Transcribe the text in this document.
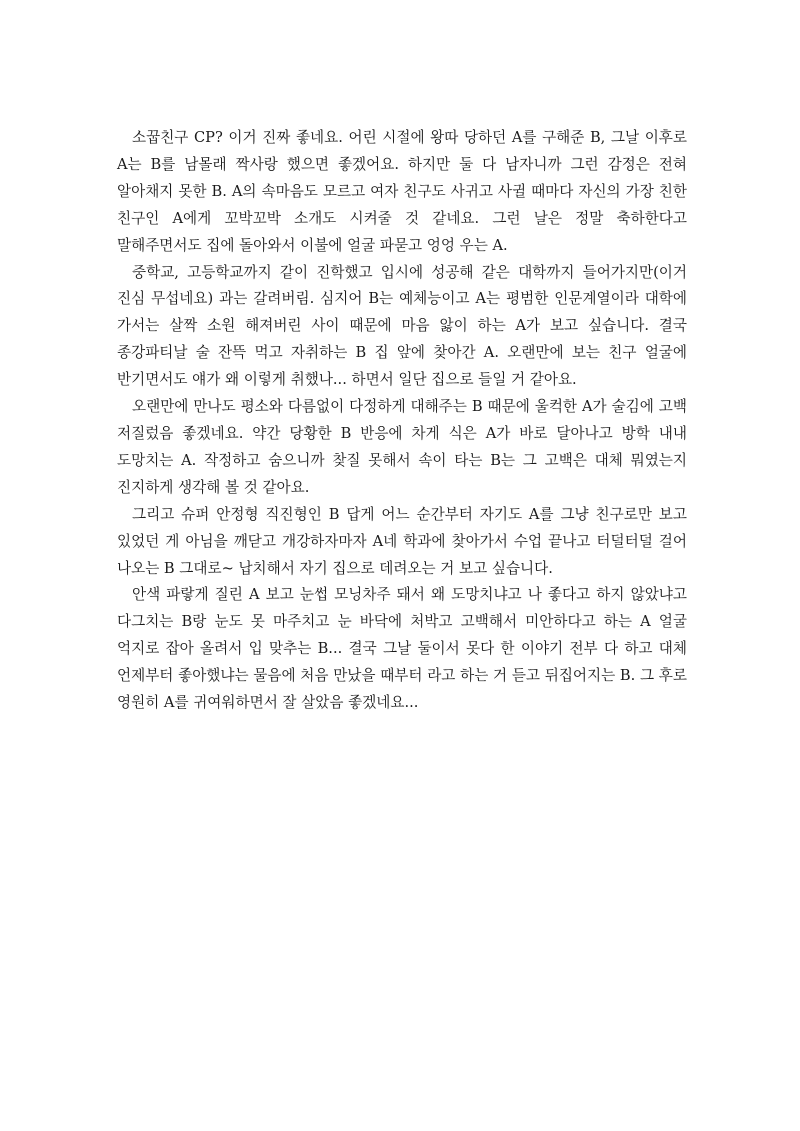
소꿉친구 CP? 이거 진짜 좋네요. 어린 시절에 왕따 당하던 A를 구해준 B, 그날 이후로 A는 B를 남몰래 짝사랑 했으면 좋겠어요. 하지만 둘 다 남자니까 그런 감정은 전혀 알아채지 못한 B. A의 속마음도 모르고 여자 친구도 사귀고 사귈 때마다 자신의 가장 친한 친구인 A에게 꼬박꼬박 소개도 시켜줄 것 같네요. 그런 날은 정말 축하한다고 말해주면서도 집에 돌아와서 이불에 얼굴 파묻고 엉엉 우는 A.

중학교, 고등학교까지 같이 진학했고 입시에 성공해 같은 대학까지 들어가지만(이거 진심 무섭네요) 과는 갈려버림. 심지어 B는 예체능이고 A는 평범한 인문계열이라 대학에 가서는 살짝 소원 해져버린 사이 때문에 마음 앓이 하는 A가 보고 싶습니다. 결국 종강파티날 술 잔뜩 먹고 자취하는 B 집 앞에 찾아간 A. 오랜만에 보는 친구 얼굴에 반기면서도 얘가 왜 이렇게 취했나... 하면서 일단 집으로 들일 거 같아요.

오랜만에 만나도 평소와 다름없이 다정하게 대해주는 B 때문에 울컥한 A가 술김에 고백 저질렀음 좋겠네요. 약간 당황한 B 반응에 차게 식은 A가 바로 달아나고 방학 내내 도망치는 A. 작정하고 숨으니까 찾질 못해서 속이 타는 B는 그 고백은 대체 뭐였는지 진지하게 생각해 볼 것 같아요.

그리고 슈퍼 안정형 직진형인 B 답게 어느 순간부터 자기도 A를 그냥 친구로만 보고 있었던 게 아님을 깨닫고 개강하자마자 A네 학과에 찾아가서 수업 끝나고 터덜터덜 걸어 나오는 B 그대로~ 납치해서 자기 집으로 데려오는 거 보고 싶습니다.

안색 파랗게 질린 A 보고 눈썹 모닝차주 돼서 왜 도망치냐고 나 좋다고 하지 않았냐고 다그치는 B랑 눈도 못 마주치고 눈 바닥에 처박고 고백해서 미안하다고 하는 A 얼굴 억지로 잡아 올려서 입 맞추는 B... 결국 그날 둘이서 못다 한 이야기 전부 다 하고 대체 언제부터 좋아했냐는 물음에 처음 만났을 때부터 라고 하는 거 듣고 뒤집어지는 B. 그 후로 영원히 A를 귀여워하면서 잘 살았음 좋겠네요...
